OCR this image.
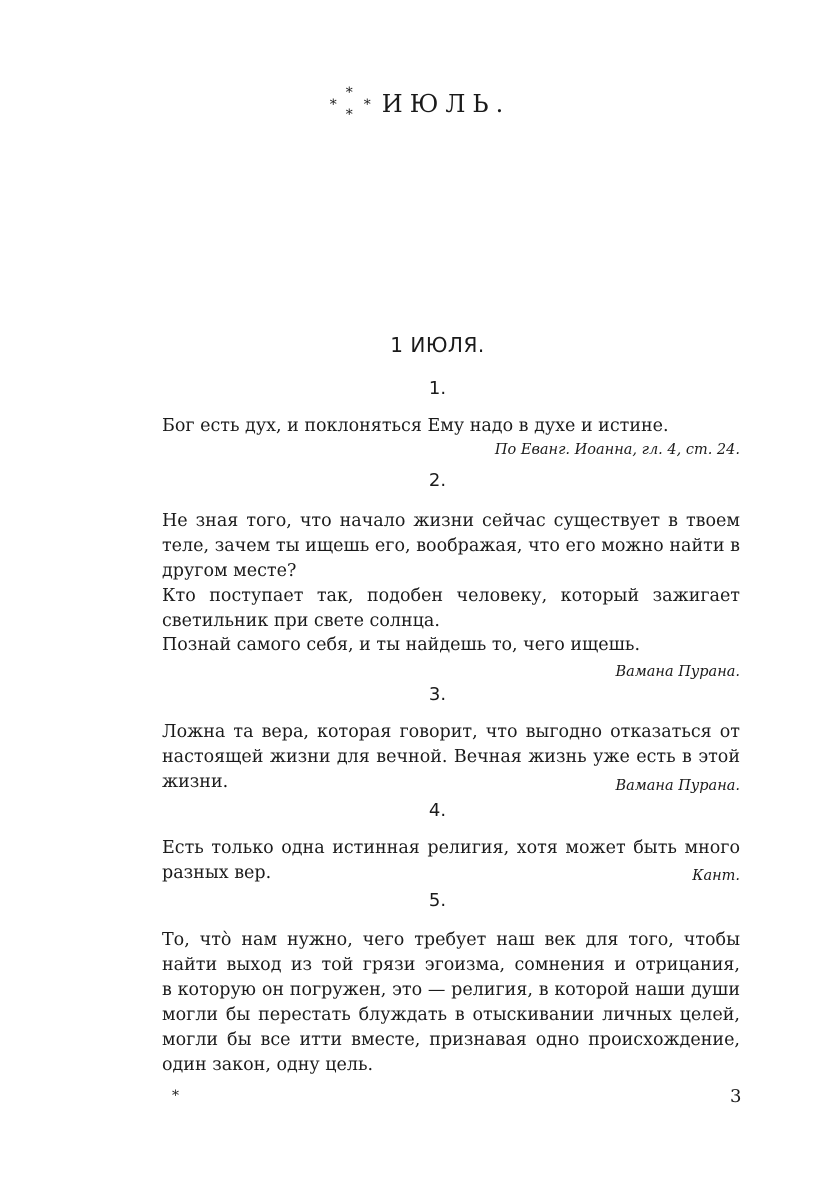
*
*
*
* ИЮЛЬ.
1 ИЮЛЯ.
1.
Бог есть дух, и поклоняться Ему надо в духе и истине.
По Еванг. Иоанна, гл. 4, ст. 24.
2.
Не зная того, что начало жизни сейчас существует в твоем
теле, зачем ты ищешь его, воображая, что его можно найти в
другом месте?
Кто поступает так, подобен человеку, который зажигает
светильник при свете солнца.
Познай самого себя, и ты найдешь то, чего ищешь.
Вамана Пурана.
3.
Ложна та вера, которая говорит, что выгодно отказаться от
настоящей жизни для вечной. Вечная жизнь уже есть в этой
жизни.	Вамана Пурана.
4.
Есть только одна истинная религия, хотя может быть много
разных вер.	Кант.
5.
То, чтò нам нужно, чего требует наш век для того, чтобы
найти выход из той грязи эгоизма, сомнения и отрицания,
в которую он погружен, это — религия, в которой наши души
могли бы перестать блуждать в отыскивании личных целей,
могли бы все итти вместе, признавая одно происхождение,
один закон, одну цель.
*	3
